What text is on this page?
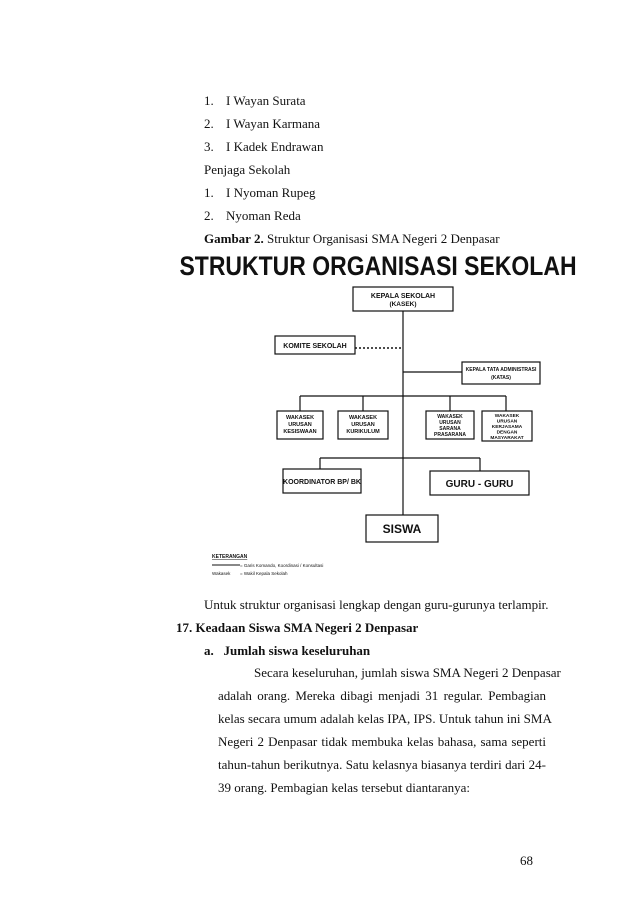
1. I Wayan Surata
2. I Wayan Karmana
3. I Kadek Endrawan
Penjaga Sekolah
1. I Nyoman Rupeg
2. Nyoman Reda
Gambar 2. Struktur Organisasi SMA Negeri 2 Denpasar
STRUKTUR ORGANISASI SEKOLAH
KEPALA SEKOLAH
(KASEK)
KOMITE SEKOLAH
KEPALA TATA ADMINISTRASI
(KATAS)
WAKASEK
URUSAN
KESISWAAN
WAKASEK
URUSAN
KURIKULUM
WAKASEK
URUSAN
SARANA
PRASARANA
WAKASEK
URUSAN
KERJASAMA
DENGAN
MASYARAKAT
KOORDINATOR BP/ BK	GURU - GURU
SISWA
KETERANGAN
= Garis Komando, Koordinasi / Konsultasi
Wakasek = Wakil Kepala Sekolah
Untuk struktur organisasi lengkap dengan guru-gurunya terlampir.
17. Keadaan Siswa SMA Negeri 2 Denpasar
a.   Jumlah siswa keseluruhan
Secara keseluruhan, jumlah siswa SMA Negeri 2 Denpasar
adalah orang. Mereka dibagi menjadi 31 regular. Pembagian
kelas secara umum adalah kelas IPA, IPS. Untuk tahun ini SMA
Negeri 2 Denpasar tidak membuka kelas bahasa, sama seperti
tahun-tahun berikutnya. Satu kelasnya biasanya terdiri dari 24-
39 orang. Pembagian kelas tersebut diantaranya:
68
